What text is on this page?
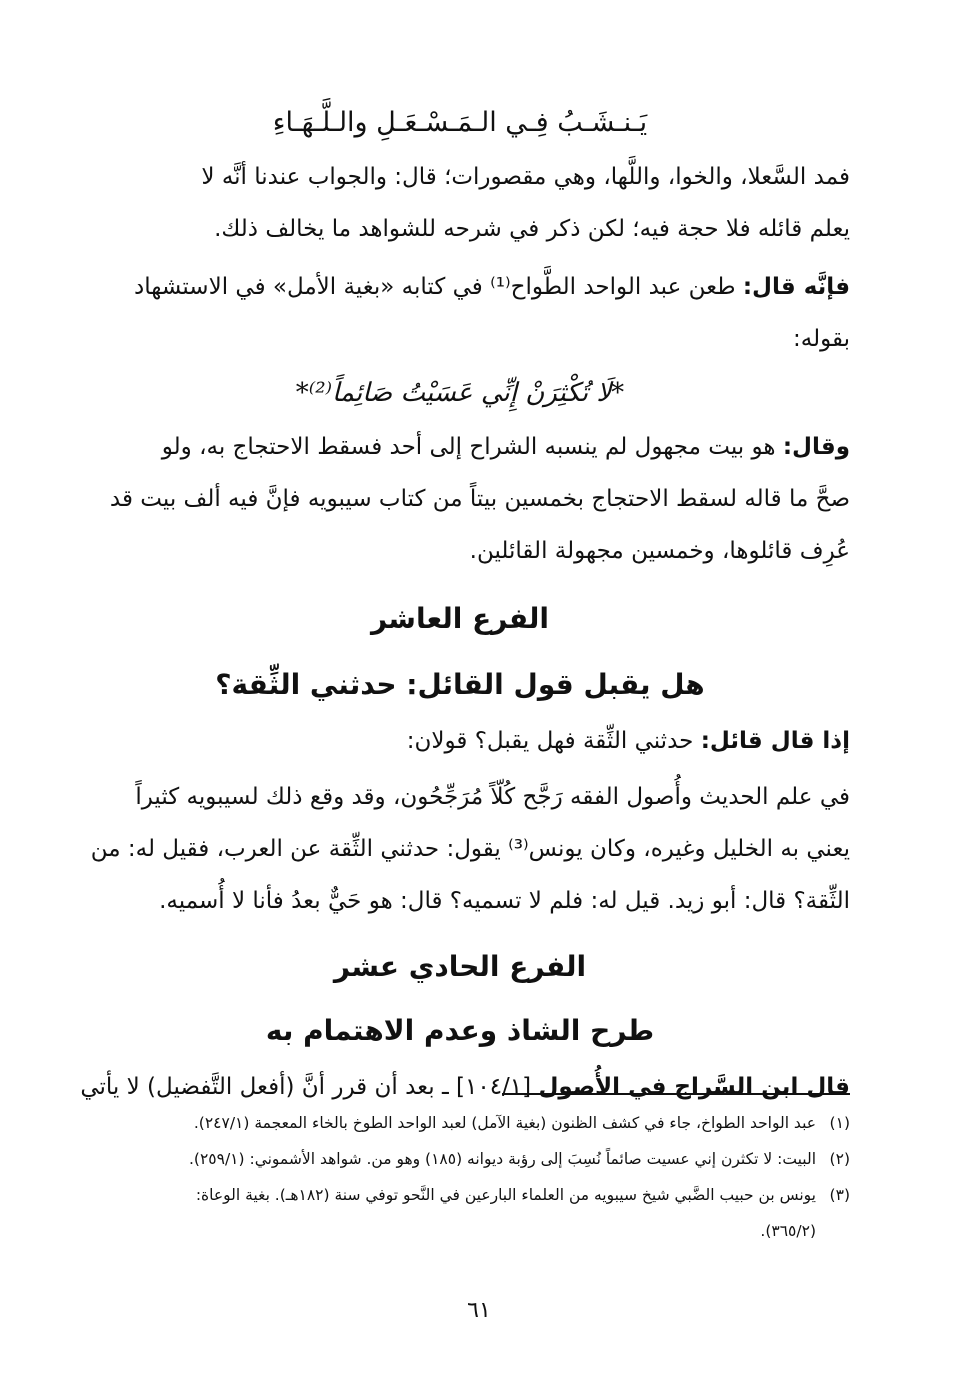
يَـنـشَـبُ فِـي الـمَـسْـعَـلِ والـلَّـهَـاءِ
فمد السَّعلا، والخوا، واللَّها، وهي مقصورات؛ قال: والجواب عندنا أنَّه لا
يعلم قائله فلا حجة فيه؛ لكن ذكر في شرحه للشواهد ما يخالف ذلك.
فإنَّه قال: طعن عبد الواحد الطَّواح⁽¹⁾ في كتابه «بغية الأمل» في الاستشهاد
بقوله:
*لَا تُكْثِرَنْ إِنِّي عَسَيْتُ صَائِماً⁽²⁾*
وقال: هو بيت مجهول لم ينسبه الشراح إلى أحد فسقط الاحتجاج به، ولو
صحَّ ما قاله لسقط الاحتجاج بخمسين بيتاً من كتاب سيبويه فإنَّ فيه ألف بيت قد
عُرِف قائلوها، وخمسين مجهولة القائلين.
الفرع العاشر
هل يقبل قول القائل: حدثني الثِّقة؟
إذا قال قائل: حدثني الثِّقة فهل يقبل؟ قولان:
في علم الحديث وأُصول الفقه رَجَّح كُلّاً مُرَجِّحُون، وقد وقع ذلك لسيبويه كثيراً
يعني به الخليل وغيره، وكان يونس⁽³⁾ يقول: حدثني الثِّقة عن العرب، فقيل له: من
الثِّقة؟ قال: أبو زيد. قيل له: فلم لا تسميه؟ قال: هو حَيٌّ بعدُ فأنا لا أُسميه.
الفرع الحادي عشر
طرح الشاذ وعدم الاهتمام به
قال ابن السَّراج في الأُصول [١٠٤/١] ـ بعد أن قرر أنَّ (أفعل التَّفضيل) لا يأتي
(١)عبد الواحد الطواخ، جاء في كشف الظنون (بغية الآمل) لعبد الواحد الطوخ بالخاء المعجمة (٢٤٧/١).
(٢)البيت: لا تكثرن إني عسيت صائماً نُسِبَ إلى رؤبة ديوانه (١٨٥) وهو من. شواهد الأشموني: (٢٥٩/١).
(٣)يونس بن حبيب الضَّبي شيخ سيبويه من العلماء البارعين في النَّحو توفي سنة (١٨٢هـ). بغية الوعاة:
(٣٦٥/٢).
٦١
